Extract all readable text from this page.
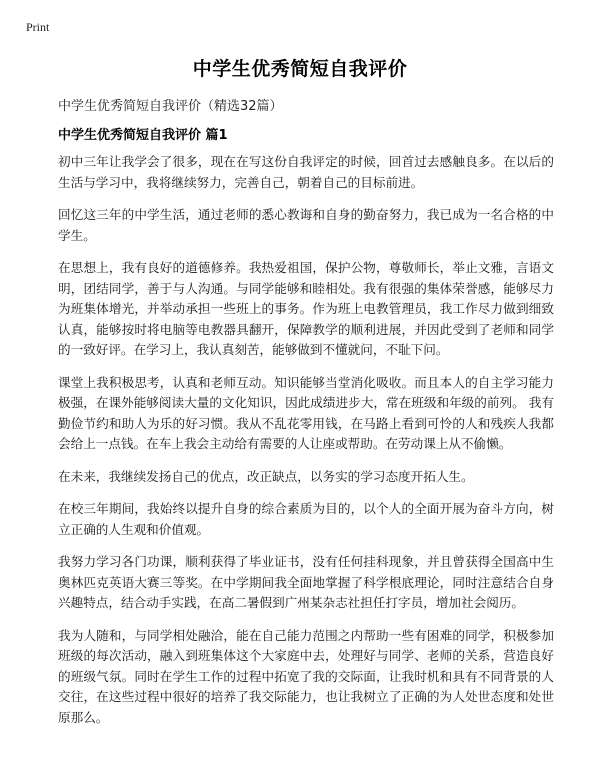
Print
中学生优秀简短自我评价
中学生优秀简短自我评价（精选32篇）
中学生优秀简短自我评价 篇1

初中三年让我学会了很多，现在在写这份自我评定的时候，回首过去感触良多。在以后的生活与学习中，我将继续努力，完善自己，朝着自己的目标前进。

回忆这三年的中学生活，通过老师的悉心教诲和自身的勤奋努力，我已成为一名合格的中学生。

在思想上，我有良好的道德修养。我热爱祖国，保护公物，尊敬师长，举止文雅，言语文明，团结同学，善于与人沟通。与同学能够和睦相处。我有很强的集体荣誉感，能够尽力为班集体增光，并举动承担一些班上的事务。作为班上电教管理员，我工作尽力做到细致认真，能够按时将电脑等电教器具翻开，保障教学的顺利进展，并因此受到了老师和同学的一致好评。在学习上，我认真刻苦，能够做到不懂就问，不耻下问。

课堂上我积极思考，认真和老师互动。知识能够当堂消化吸收。而且本人的自主学习能力极强，在课外能够阅读大量的文化知识，因此成绩进步大，常在班级和年级的前列。 我有勤俭节约和助人为乐的好习惯。我从不乱花零用钱，在马路上看到可怜的人和残疾人我都会给上一点钱。在车上我会主动给有需要的人让座或帮助。在劳动课上从不偷懒。

在未来，我继续发扬自己的优点，改正缺点，以务实的学习态度开拓人生。

在校三年期间，我始终以提升自身的综合素质为目的，以个人的全面开展为奋斗方向，树立正确的人生观和价值观。

我努力学习各门功课，顺利获得了毕业证书，没有任何挂科现象，并且曾获得全国高中生奥林匹克英语大赛三等奖。在中学期间我全面地掌握了科学根底理论，同时注意结合自身兴趣特点，结合动手实践，在高二暑假到广州某杂志社担任打字员，增加社会阅历。

我为人随和，与同学相处融洽，能在自己能力范围之内帮助一些有困难的同学，积极参加班级的每次活动，融入到班集体这个大家庭中去，处理好与同学、老师的关系，营造良好的班级气氛。同时在学生工作的过程中拓宽了我的交际面，让我时机和具有不同背景的人交往，在这些过程中很好的培养了我交际能力，也让我树立了正确的为人处世态度和处世原那么。
